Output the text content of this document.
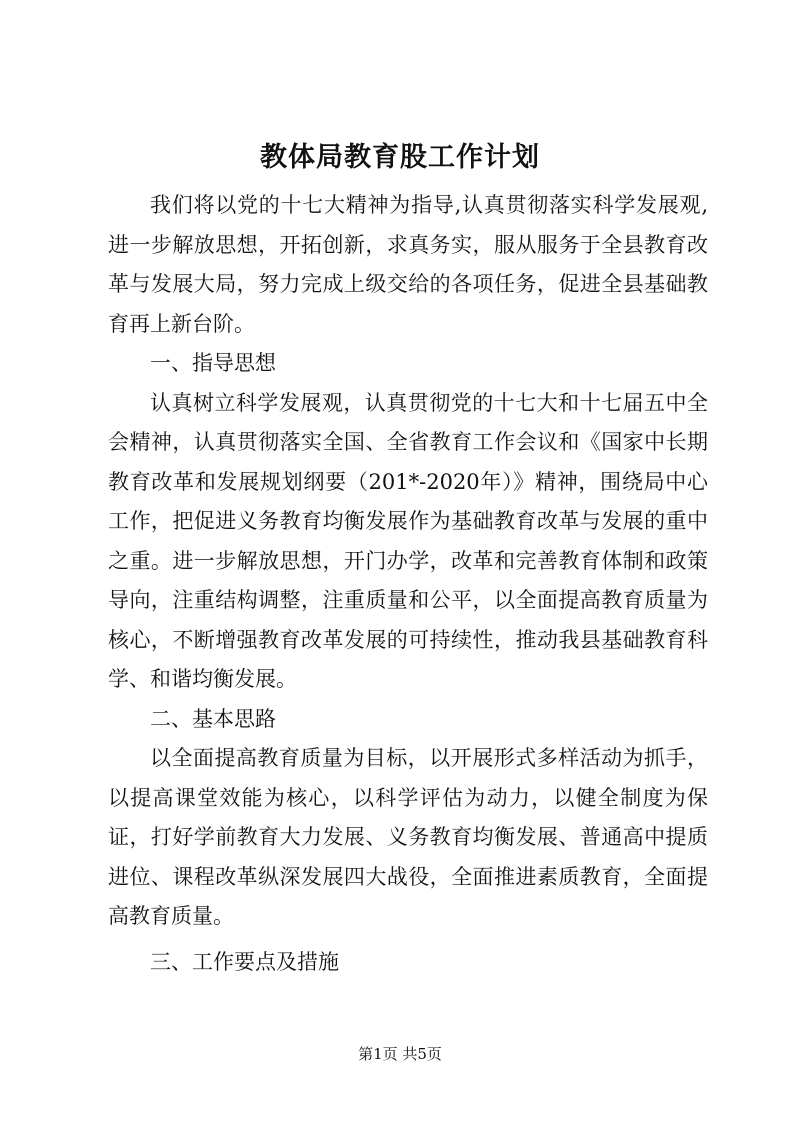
教体局教育股工作计划

我们将以党的十七大精神为指导,认真贯彻落实科学发展观,进一步解放思想，开拓创新，求真务实，服从服务于全县教育改革与发展大局，努力完成上级交给的各项任务，促进全县基础教育再上新台阶。

一、指导思想

认真树立科学发展观，认真贯彻党的十七大和十七届五中全会精神，认真贯彻落实全国、全省教育工作会议和《国家中长期教育改革和发展规划纲要（201*-2020年）》精神，围绕局中心工作，把促进义务教育均衡发展作为基础教育改革与发展的重中之重。进一步解放思想，开门办学，改革和完善教育体制和政策导向，注重结构调整，注重质量和公平，以全面提高教育质量为核心，不断增强教育改革发展的可持续性，推动我县基础教育科学、和谐均衡发展。

二、基本思路

以全面提高教育质量为目标，以开展形式多样活动为抓手，以提高课堂效能为核心，以科学评估为动力，以健全制度为保证，打好学前教育大力发展、义务教育均衡发展、普通高中提质进位、课程改革纵深发展四大战役，全面推进素质教育，全面提高教育质量。

三、工作要点及措施

第1页 共5页
